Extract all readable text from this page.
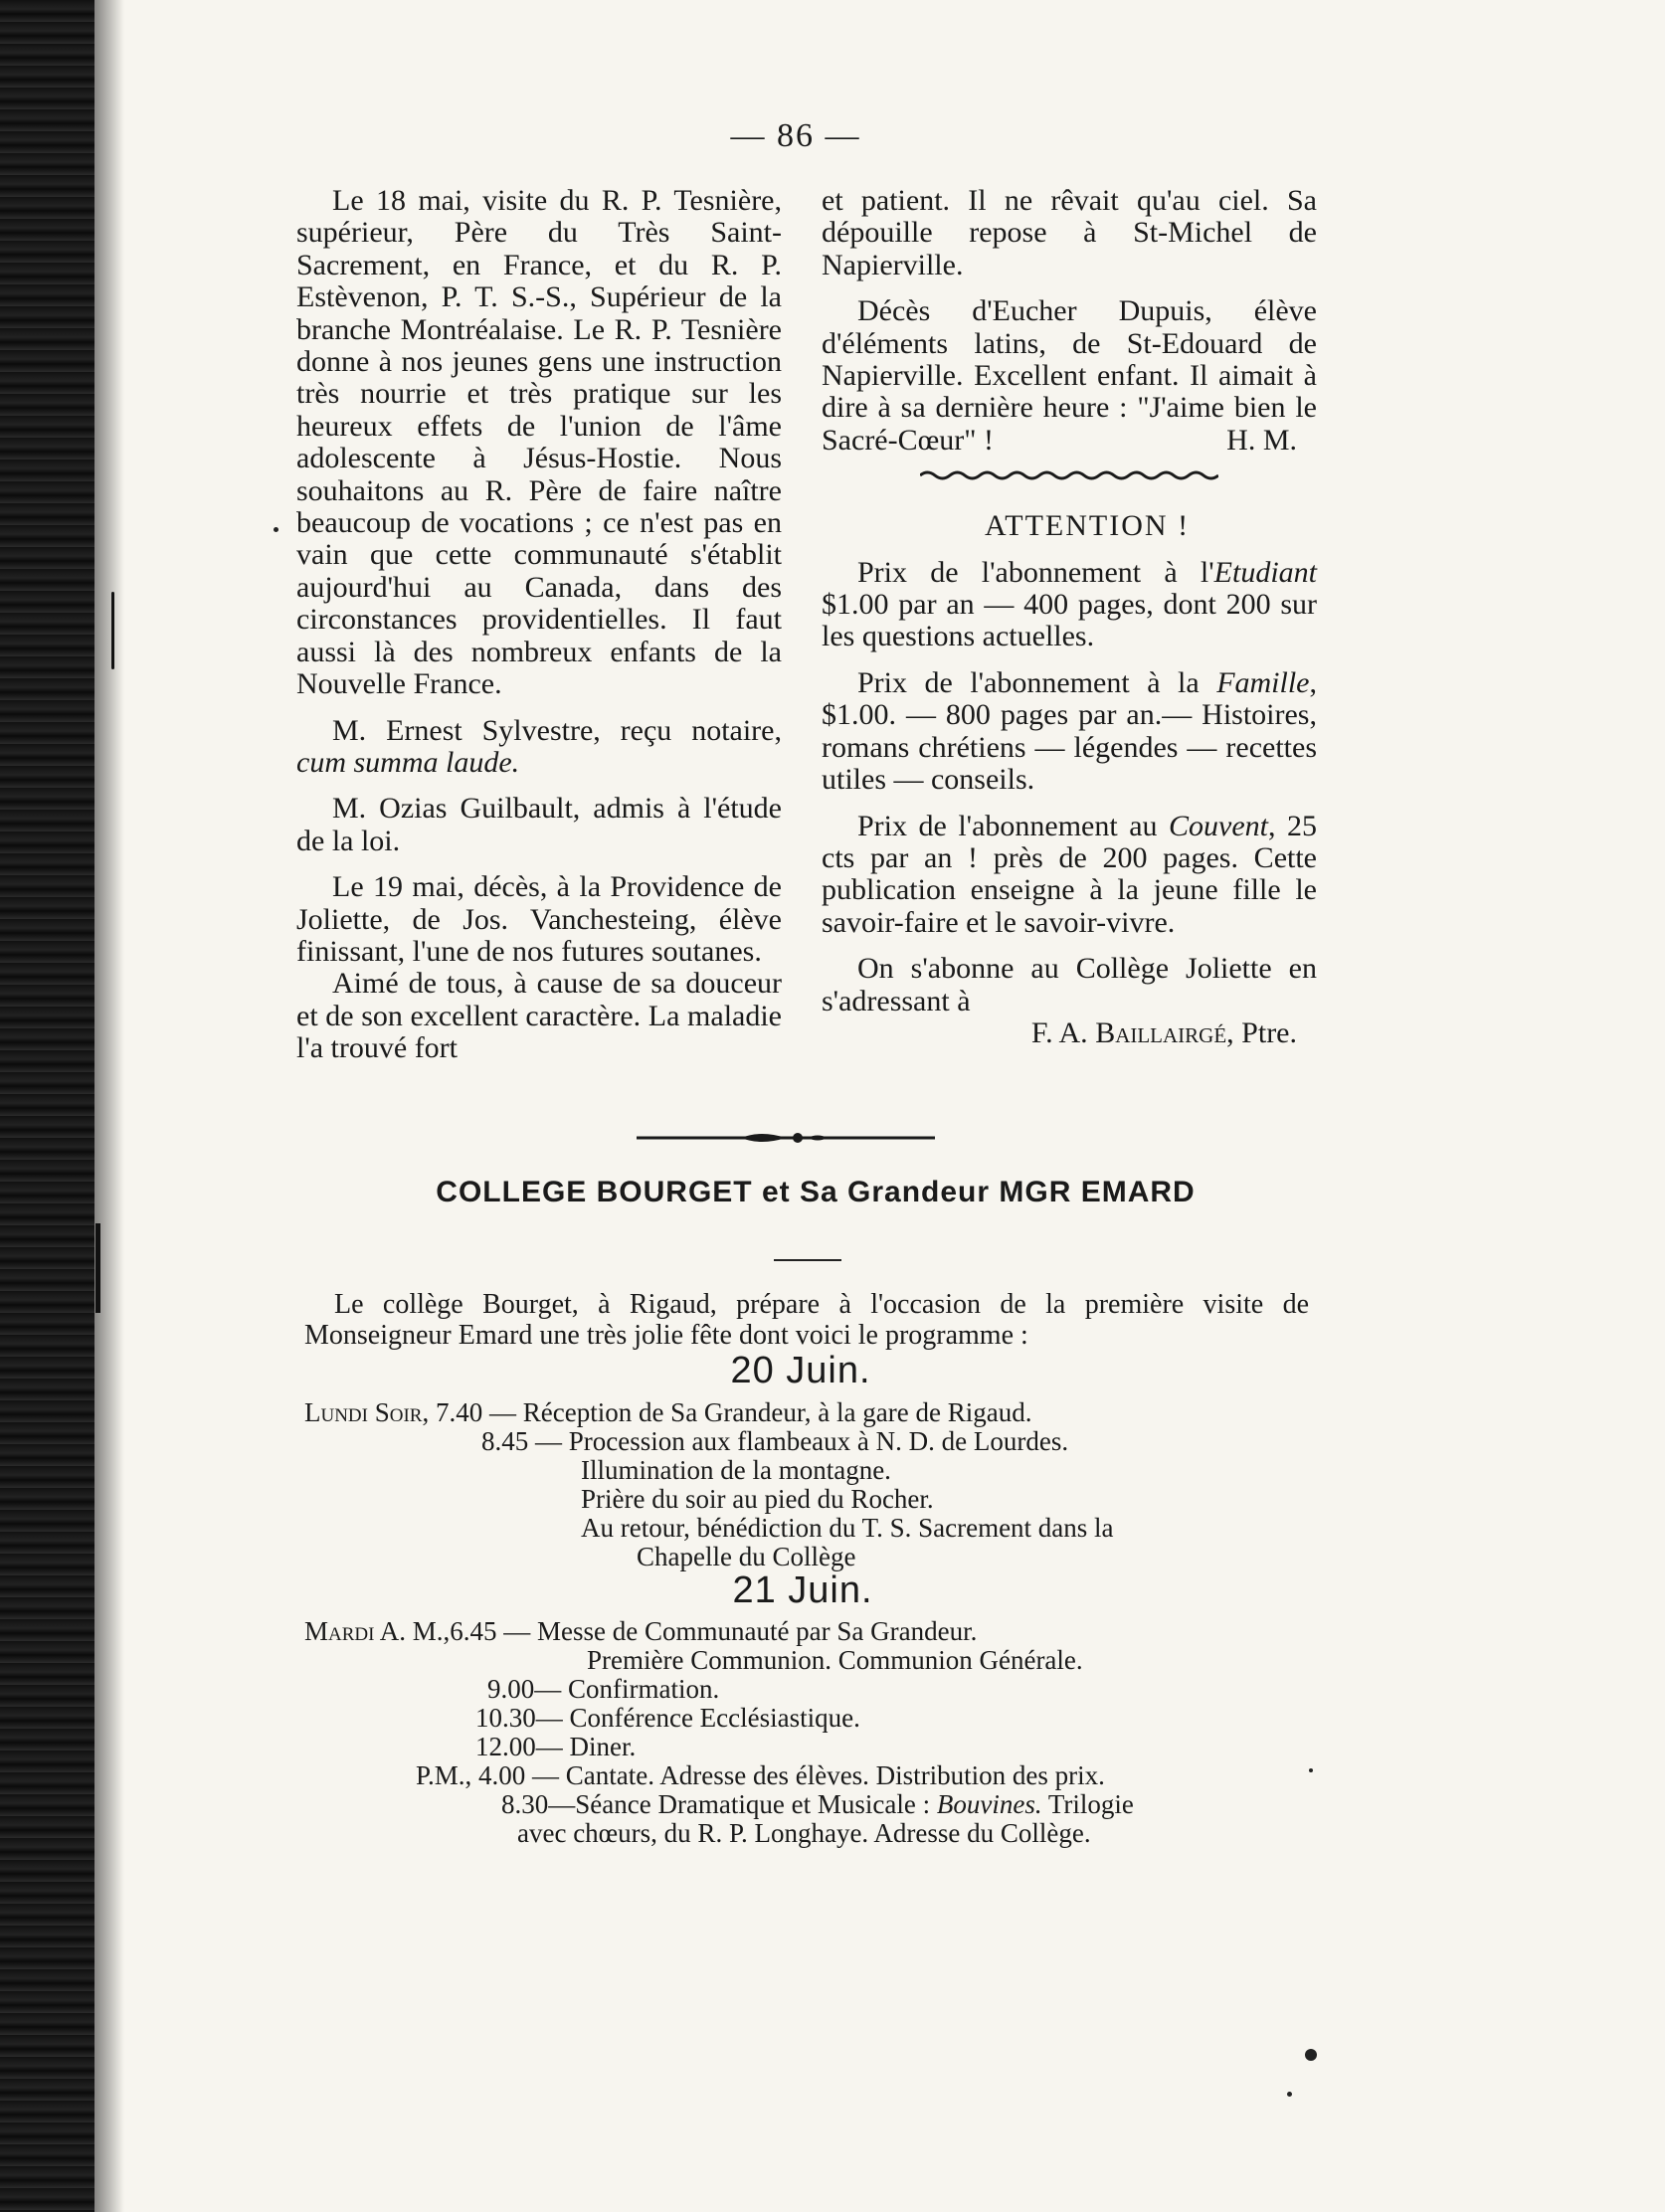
— 86 —

Le 18 mai, visite du R. P. Tesnière, supérieur, Père du Très Saint-Sacrement, en France, et du R. P. Estèvenon, P. T. S.-S., Supérieur de la branche Montréalaise. Le R. P. Tesnière donne à nos jeunes gens une instruction très nourrie et très pratique sur les heureux effets de l'union de l'âme adolescente à Jésus-Hostie. Nous souhaitons au R. Père de faire naître beaucoup de vocations ; ce n'est pas en vain que cette communauté s'établit aujourd'hui au Canada, dans des circonstances providentielles. Il faut aussi là des nombreux enfants de la Nouvelle France.

M. Ernest Sylvestre, reçu notaire, cum summa laude.

M. Ozias Guilbault, admis à l'étude de la loi.

Le 19 mai, décès, à la Providence de Joliette, de Jos. Vanchesteing, élève finissant, l'une de nos futures soutanes.

Aimé de tous, à cause de sa douceur et de son excellent caractère. La maladie l'a trouvé fort

et patient. Il ne rêvait qu'au ciel. Sa dépouille repose à St-Michel de Napierville.

Décès d'Eucher Dupuis, élève d'éléments latins, de St-Edouard de Napierville. Excellent enfant. Il aimait à dire à sa dernière heure : "J'aime bien le Sacré-Cœur" !	H. M.

ATTENTION !

Prix de l'abonnement à l'Etudiant $1.00 par an — 400 pages, dont 200 sur les questions actuelles.

Prix de l'abonnement à la Famille, $1.00. — 800 pages par an.— Histoires, romans chrétiens — légendes — recettes utiles — conseils.

Prix de l'abonnement au Couvent, 25 cts par an ! près de 200 pages. Cette publication enseigne à la jeune fille le savoir-faire et le savoir-vivre.

On s'abonne au Collège Joliette en s'adressant à

F. A. Baillairgé, Ptre.

COLLEGE BOURGET et Sa Grandeur MGR EMARD
Le collège Bourget, à Rigaud, prépare à l'occasion de la première visite de Monseigneur Emard une très jolie fête dont voici le programme :
20 Juin.
Lundi Soir, 7.40 — Réception de Sa Grandeur, à la gare de Rigaud.
8.45 — Procession aux flambeaux à N. D. de Lourdes.
Illumination de la montagne.
Prière du soir au pied du Rocher.
Au retour, bénédiction du T. S. Sacrement dans la
Chapelle du Collège
21 Juin.
Mardi A. M.,6.45 — Messe de Communauté par Sa Grandeur.
Première Communion. Communion Générale.
9.00— Confirmation.
10.30— Conférence Ecclésiastique.
12.00— Diner.
P.M., 4.00 — Cantate. Adresse des élèves. Distribution des prix.
8.30—Séance Dramatique et Musicale : Bouvines. Trilogie
avec chœurs, du R. P. Longhaye. Adresse du Collège.
